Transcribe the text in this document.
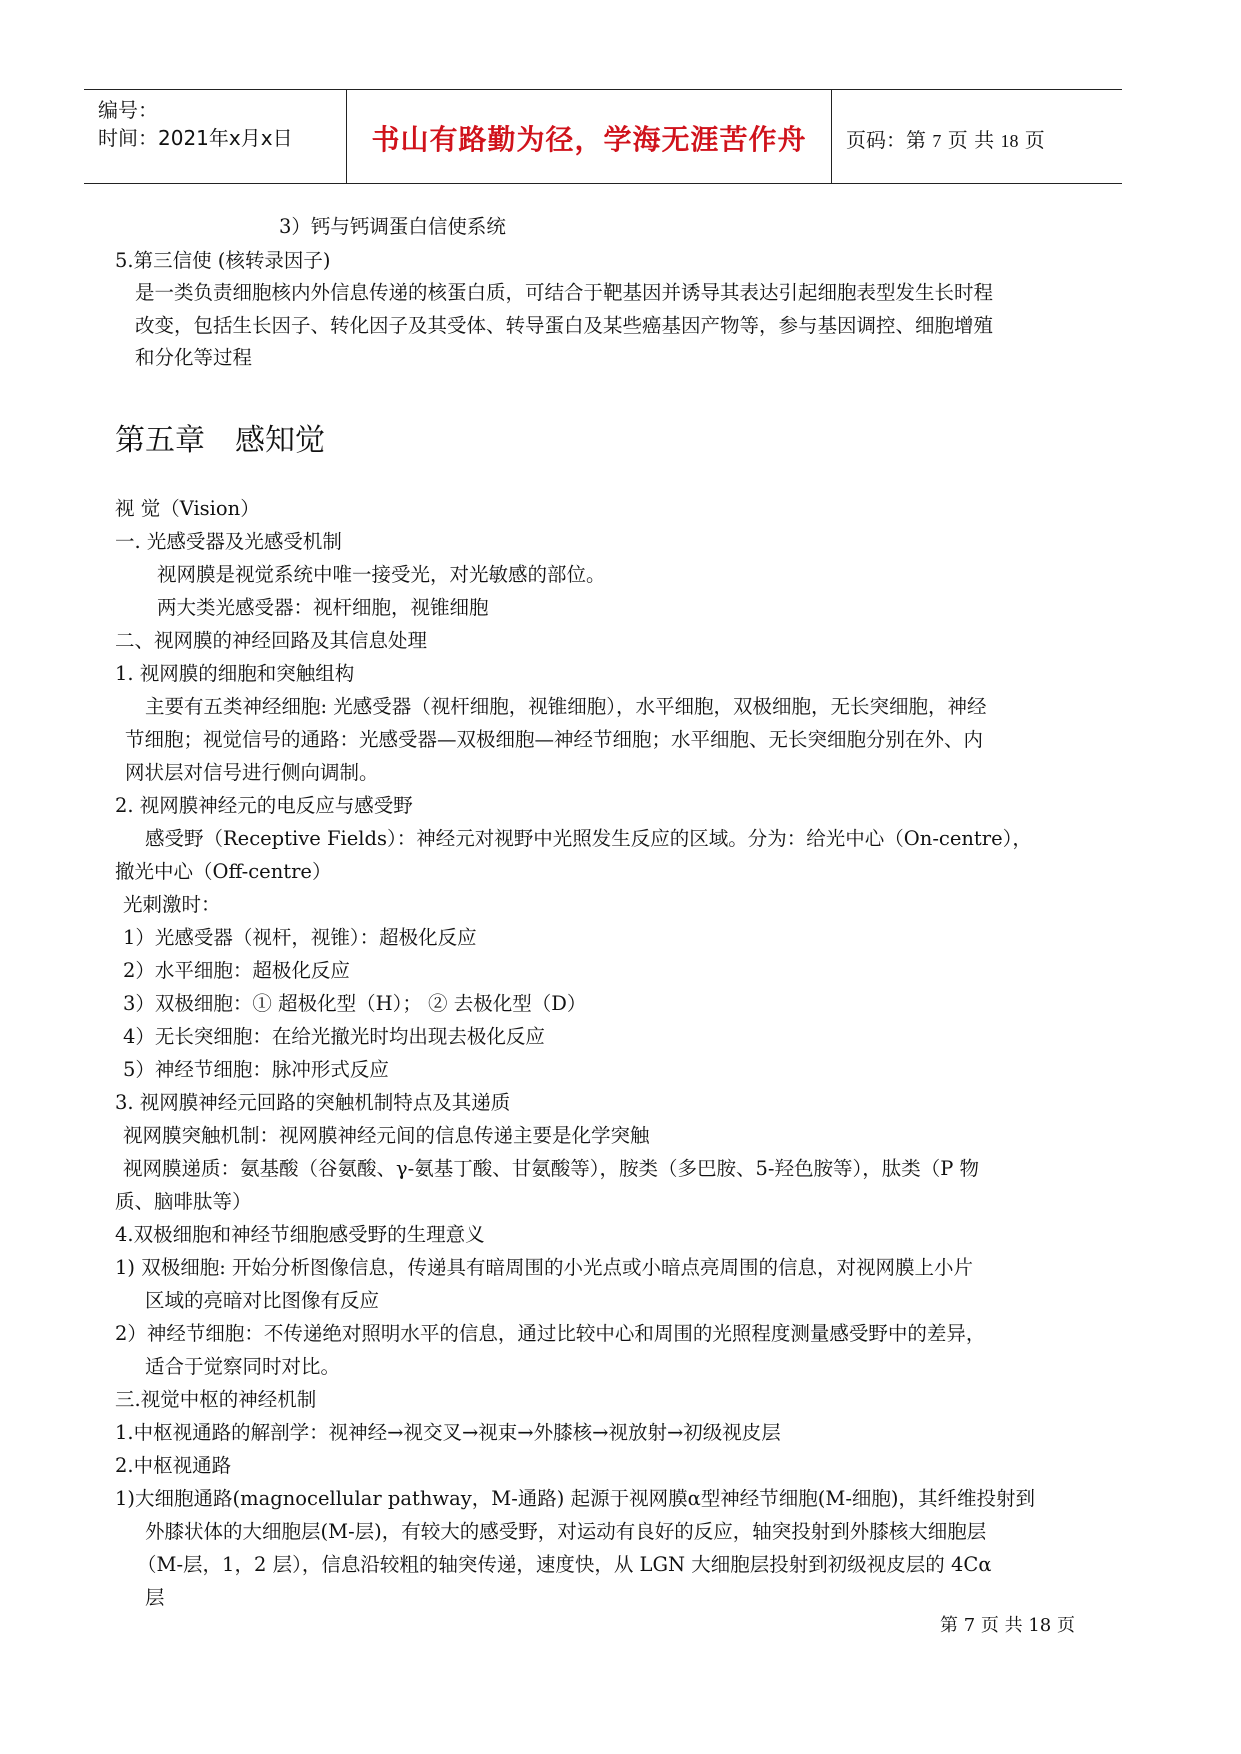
编号：
时间：2021年x月x日	书山有路勤为径，学海无涯苦作舟	页码：第 7 页 共 18 页
3）钙与钙调蛋白信使系统
5.第三信使 (核转录因子)
是一类负责细胞核内外信息传递的核蛋白质，可结合于靶基因并诱导其表达引起细胞表型发生长时程
改变，包括生长因子、转化因子及其受体、转导蛋白及某些癌基因产物等，参与基因调控、细胞增殖
和分化等过程
第五章　感知觉
视 觉（Vision）
一. 光感受器及光感受机制
视网膜是视觉系统中唯一接受光，对光敏感的部位。
两大类光感受器：视杆细胞，视锥细胞
二、视网膜的神经回路及其信息处理
1. 视网膜的细胞和突触组构
主要有五类神经细胞: 光感受器（视杆细胞，视锥细胞），水平细胞，双极细胞，无长突细胞，神经
节细胞；视觉信号的通路：光感受器—双极细胞—神经节细胞；水平细胞、无长突细胞分别在外、内
网状层对信号进行侧向调制。
2. 视网膜神经元的电反应与感受野
感受野（Receptive Fields）：神经元对视野中光照发生反应的区域。分为：给光中心（On-centre），
撤光中心（Off-centre）
光刺激时：
1）光感受器（视杆，视锥）：超极化反应
2）水平细胞：超极化反应
3）双极细胞：① 超极化型（H）； ② 去极化型（D）
4）无长突细胞：在给光撤光时均出现去极化反应
5）神经节细胞：脉冲形式反应
3. 视网膜神经元回路的突触机制特点及其递质
视网膜突触机制：视网膜神经元间的信息传递主要是化学突触
视网膜递质：氨基酸（谷氨酸、γ-氨基丁酸、甘氨酸等），胺类（多巴胺、5-羟色胺等），肽类（P 物
质、脑啡肽等）
4.双极细胞和神经节细胞感受野的生理意义
1) 双极细胞: 开始分析图像信息，传递具有暗周围的小光点或小暗点亮周围的信息，对视网膜上小片
区域的亮暗对比图像有反应
2）神经节细胞：不传递绝对照明水平的信息，通过比较中心和周围的光照程度测量感受野中的差异，
适合于觉察同时对比。
三.视觉中枢的神经机制
1.中枢视通路的解剖学：视神经→视交叉→视束→外膝核→视放射→初级视皮层
2.中枢视通路
1)大细胞通路(magnocellular pathway，M-通路) 起源于视网膜α型神经节细胞(M-细胞)，其纤维投射到
外膝状体的大细胞层(M-层)，有较大的感受野，对运动有良好的反应，轴突投射到外膝核大细胞层
（M-层，1，2 层），信息沿较粗的轴突传递，速度快，从 LGN 大细胞层投射到初级视皮层的 4Cα
层
第 7 页 共 18 页
